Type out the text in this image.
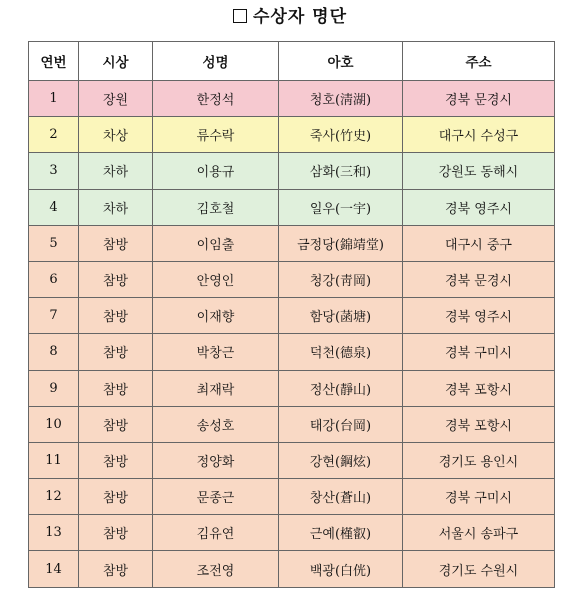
수상자 명단
연번	시상	성명	아호	주소
1	장원	한정석	청호(淸湖)	경북 문경시
2	차상	류수락	죽사(竹史)	대구시 수성구
3	차하	이용규	삼화(三和)	강원도 동해시
4	차하	김호철	일우(一宇)	경북 영주시
5	참방	이임출	금정당(錦靖堂)	대구시 중구
6	참방	안영인	청강(靑岡)	경북 문경시
7	참방	이재향	함당(菡塘)	경북 영주시
8	참방	박창근	덕천(德泉)	경북 구미시
9	참방	최재락	정산(靜山)	경북 포항시
10	참방	송성호	태강(台岡)	경북 포항시
11	참방	정양화	강현(鋼炫)	경기도 용인시
12	참방	문종근	창산(蒼山)	경북 구미시
13	참방	김유연	근예(槿叡)	서울시 송파구
14	참방	조전영	백광(白侊)	경기도 수원시
